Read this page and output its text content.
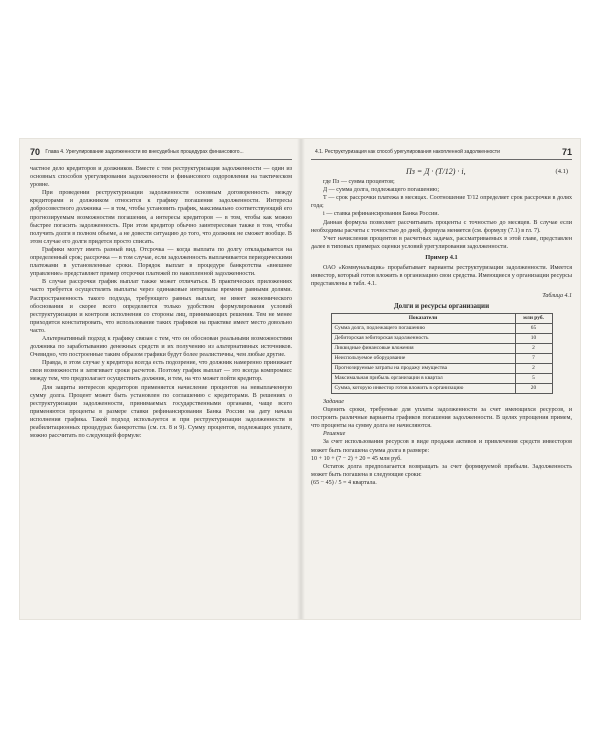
70 Глава 4. Урегулирование задолженности во внесудебных процедурах финансового...

частное дело кредиторов и должников. Вместе с тем реструктуризация задолженности — один из основных способов урегулирования задолженности и финансового оздоровления на тактическом уровне.

При проведении реструктуризации задолженности основным договоренность между кредиторами и должником относится к графику погашения задолженности. Интересы добросовестного должника — в том, чтобы установить график, максимально соответствующий его прогнозируемым возможностям погашения, а интересы кредиторов — в том, чтобы как можно быстрее погасить задолженность. При этом кредитор обычно заинтересован также в том, чтобы получить долги в полном объеме, а не довести ситуацию до того, что должник не сможет вообще. В этом случае его долги придется просто списать.

Графики могут иметь разный вид. Отсрочка — когда выплата по долгу откладывается на определенный срок; рассрочка — в том случае, если задолженность выплачивается периодическими платежами в установленные сроки. Порядок выплат в процедуре банкротства «внешнее управление» представляет пример отсрочки платежей по накопленной задолженности.

В случае рассрочки график выплат также может отличаться. В практических приложениях часто требуется осуществлять выплаты через одинаковые интервалы времени равными долями. Распространенность такого подхода, требующего равных выплат, не имеет экономического обоснования и скорее всего определяется только удобством формулирования условий реструктуризации и контроля исполнения со стороны лиц, принимающих решения. Тем не менее приходится констатировать, что использование таких графиков на практике имеет место довольно часто.

Альтернативный подход к графику связан с тем, что он обоснован реальными возможностями должника по заработыванию денежных средств и их получению из альтернативных источников. Очевидно, что построенные таким образом графики будут более реалистичны, чем любые другие.

Правда, в этом случае у кредитора всегда есть подозрение, что должник намеренно принижает свои возможности и затягивает сроки расчетов. Поэтому график выплат — это всегда компромисс между тем, что предполагает осуществить должник, и тем, на что может пойти кредитор.

Для защиты интересов кредиторов применяется начисление процентов на невыплаченную сумму долга. Процент может быть установлен по соглашению с кредиторами. В решениях о реструктуризации задолженности, принимаемых государственными органами, чаще всего применяются проценты в размере ставки рефинансирования Банка России на дату начала исполнения графика. Такой подход используется и при реструктуризации задолженности в реабилитационных процедурах банкротства (см. гл. 8 и 9). Сумму процентов, подлежащих уплате, можно рассчитать по следующей формуле:

4.1. Реструктуризация как способ урегулирования накопленной задолженности	71
Пз = Д · (T/12) · i,	(4.1)

где Пз — сумма процентов;

Д — сумма долга, подлежащего погашению;

T — срок рассрочки платежа в месяцах. Соотношение T/12 определяет срок рассрочки в долях года;

i — ставка рефинансирования Банка России.

Данная формула позволяет рассчитывать проценты с точностью до месяцев. В случае если необходимы расчеты с точностью до дней, формула меняется (см. формулу (7.1) в гл. 7).

Учет начисления процентов в расчетных задачах, рассматриваемых в этой главе, представлен далее в типовых примерах оценки условий урегулирования задолженности.

Пример 4.1

ОАО «Коммунальщик» прорабатывает варианты реструктуризации задолженности. Имеется инвестор, который готов вложить в организацию свои средства. Имеющиеся у организации ресурсы представлены в табл. 4.1.

Таблица 4.1
Долги и ресурсы организации
Показатели	млн руб.
Сумма долга, подлежащего погашению	65
Дебиторская зебиторская задолженность	10
Ликвидные финансовые вложения	2
Неиспользуемое оборудование	7
Прогнозируемые затраты на продажу имущества	2
Максимальная прибыль организации в квартал	5
Сумма, которую инвестор готов вложить в организацию	20
Задание

Оценить сроки, требуемые для уплаты задолженности за счет имеющихся ресурсов, и построить различные варианты графиков погашения задолженности. В целях упрощения примем, что проценты на сумму долга не начисляются.

Решение

За счет использования ресурсов в виде продажи активов и привлечения средств инвесторов может быть погашена сумма долга в размере:

10 + 10 + (7 − 2) + 20 = 45 млн руб.

Остаток долга предполагается возвращать за счет формируемой прибыли. Задолженность может быть погашена в следующие сроки:

(65 − 45) / 5 = 4 квартала.
